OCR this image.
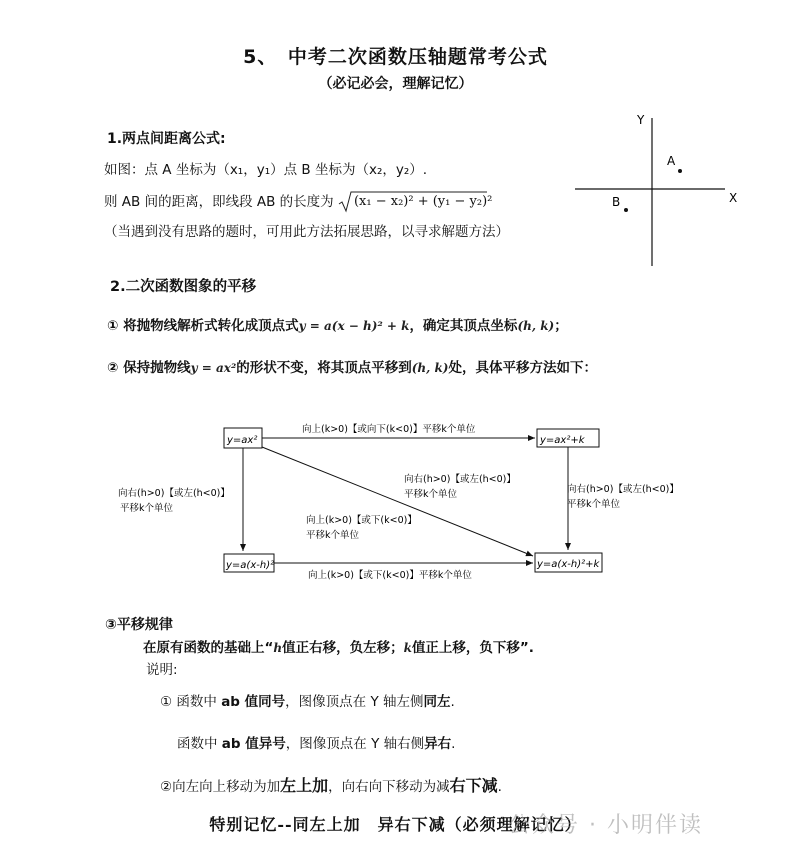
5、　中考二次函数压轴题常考公式
（必记必会，理解记忆）
1.两点间距离公式:
如图：点 A 坐标为（x₁，y₁）点 B 坐标为（x₂，y₂）.
则 AB 间的距离，即线段 AB 的长度为 (x₁ − x₂)² + (y₁ − y₂)²
（当遇到没有思路的题时，可用此方法拓展思路，以寻求解题方法）
Y
X
A
B
2.二次函数图象的平移
① 将抛物线解析式转化成顶点式y = a(x − h)² + k，确定其顶点坐标(h, k)；
② 保持抛物线y = ax²的形状不变，将其顶点平移到(h, k)处，具体平移方法如下：
y=ax²	y=ax²+k
y=a(x-h)²	y=a(x-h)²+k
向上(k>0)【或向下(k<0)】平移k个单位
向上(k>0)【或下(k<0)】平移k个单位
向右(h>0)【或左(h<0)】
平移k个单位
向右(h>0)【或左(h<0)】
平移k个单位
向右(h>0)【或左(h<0)】
平移k个单位
向上(k>0)【或下(k<0)】
平移k个单位
③平移规律
在原有函数的基础上“h值正右移，负左移；k值正上移，负下移”.
说明:
① 函数中 ab 值同号，图像顶点在 Y 轴左侧同左.
函数中 ab 值异号，图像顶点在 Y 轴右侧异右.
②向左向上移动为加左上加，向右向下移动为减右下减.
特别记忆--同左上加　异右下减（必须理解记忆）
公众号 · 小明伴读
